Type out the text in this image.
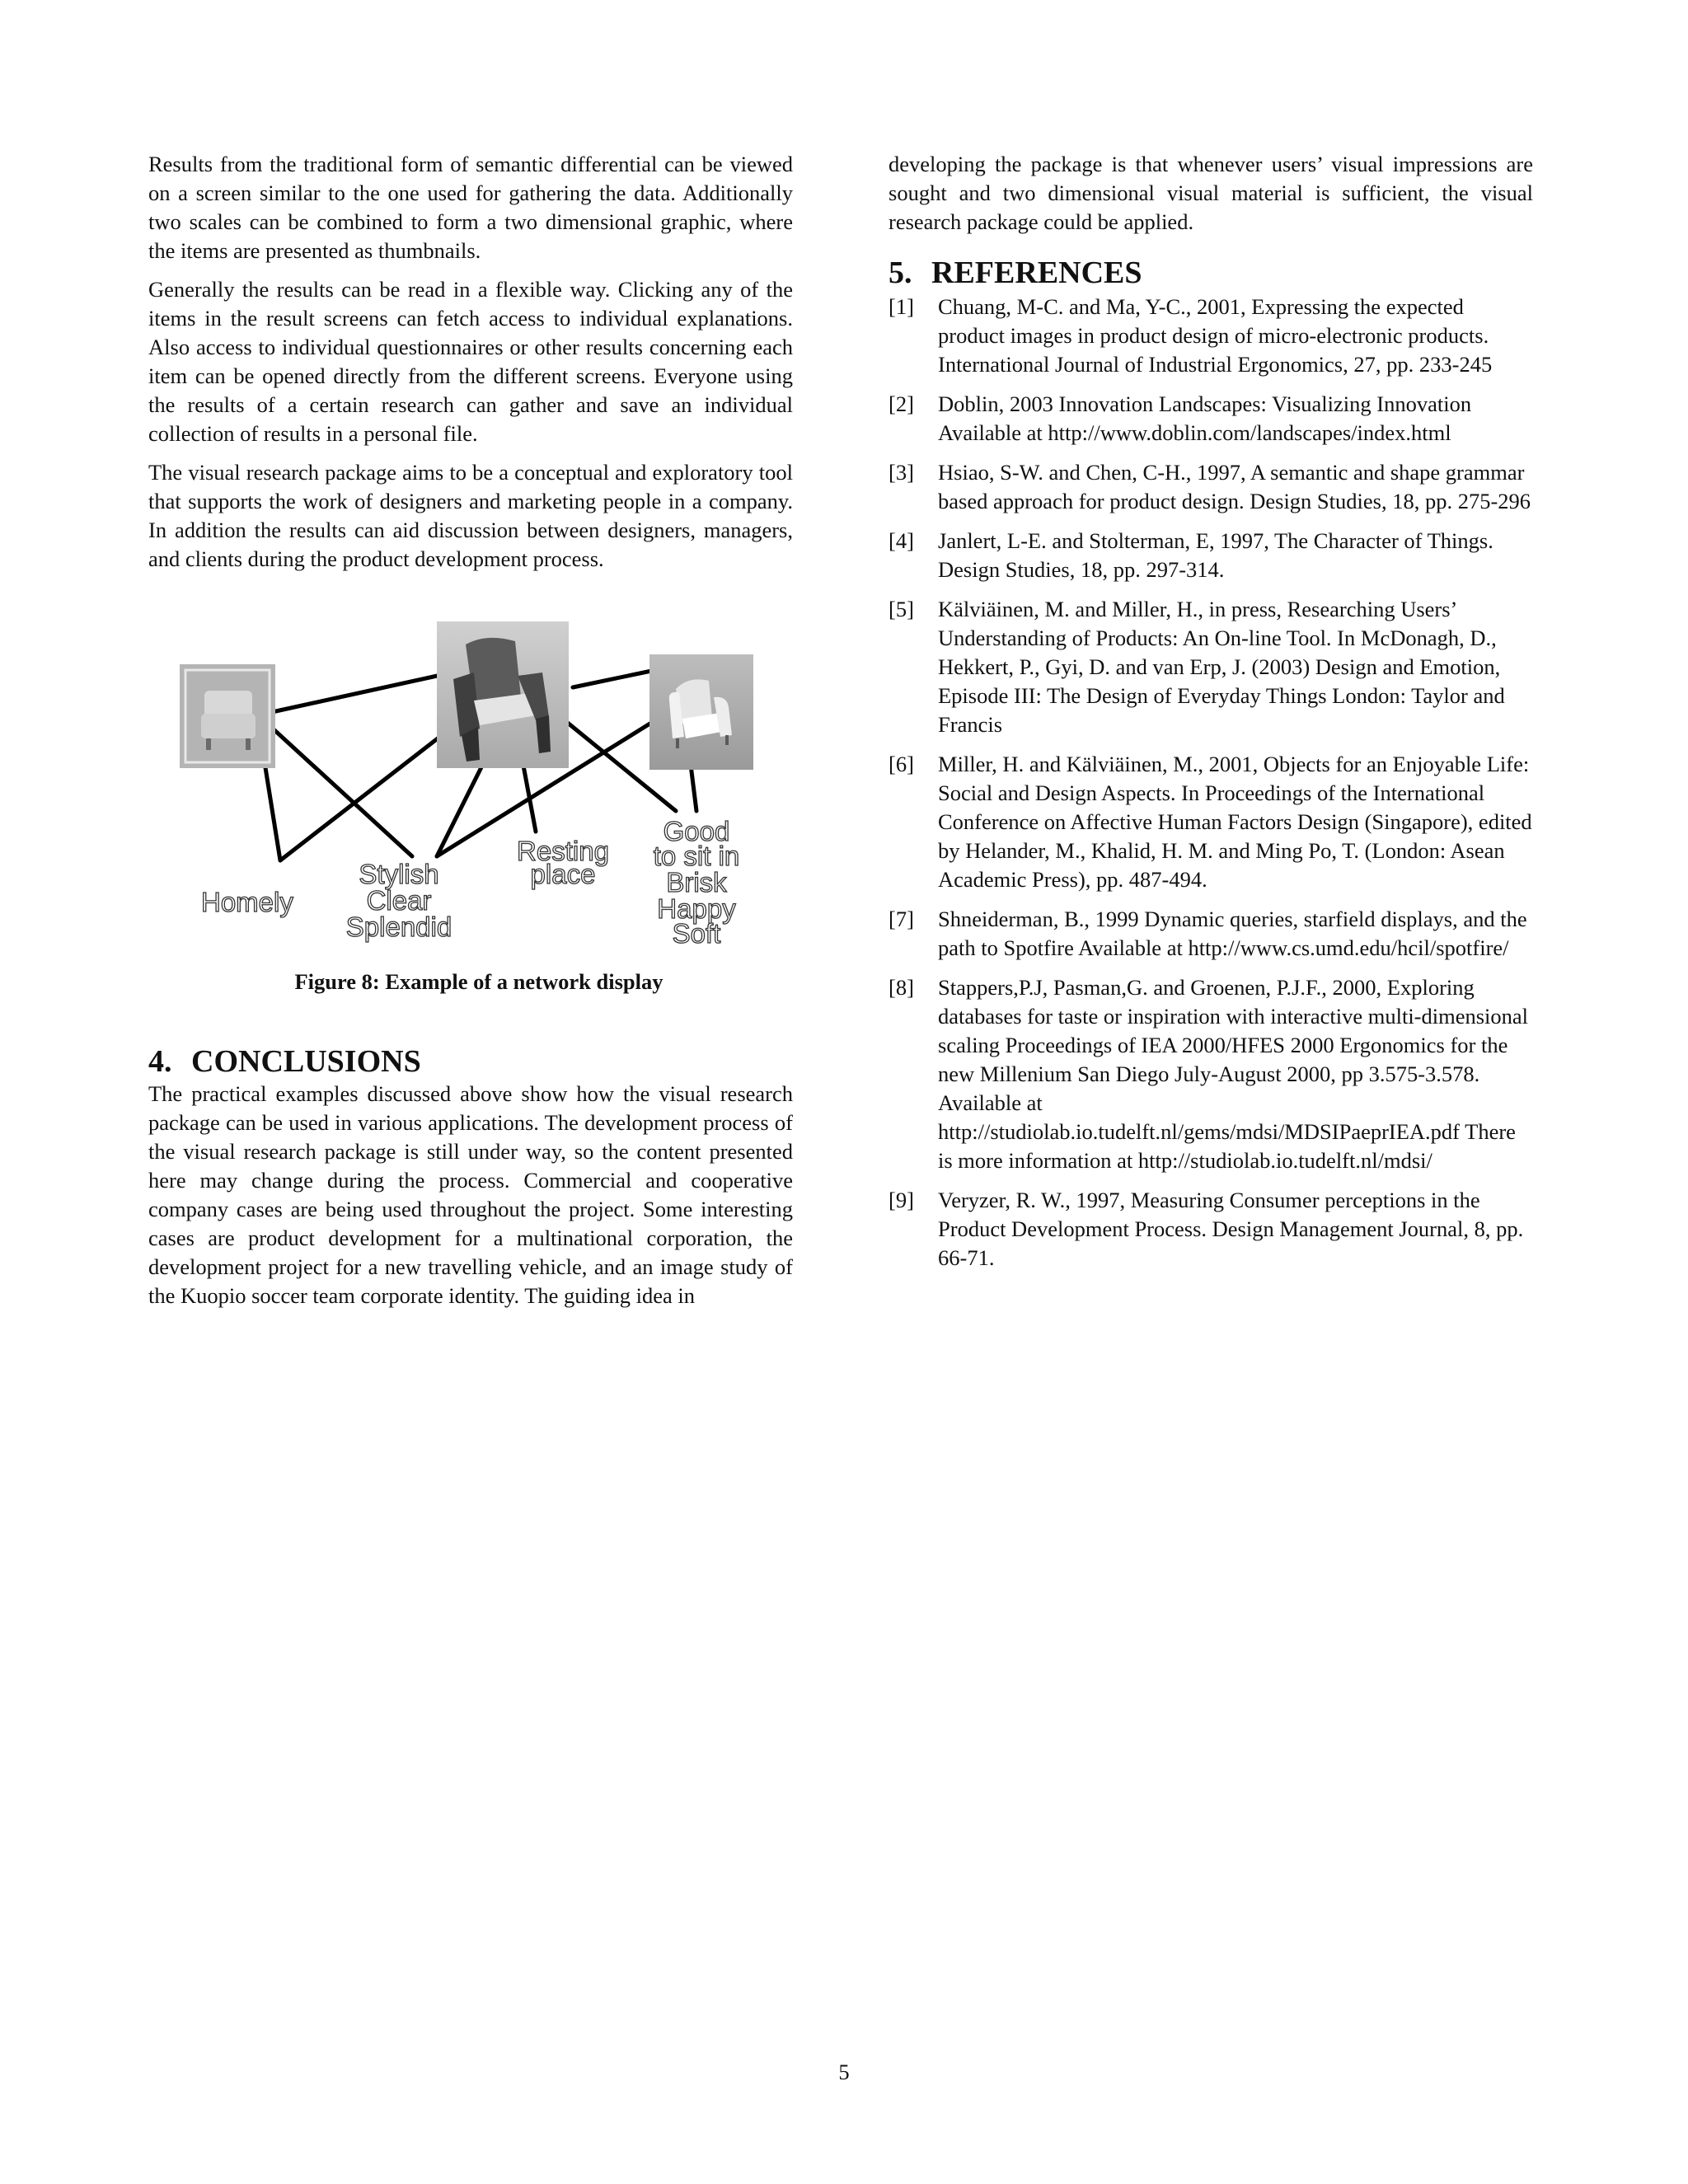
Results from the traditional form of semantic differential can be viewed on a screen similar to the one used for gathering the data. Additionally two scales can be combined to form a two dimensional graphic, where the items are presented as thumbnails.

Generally the results can be read in a flexible way. Clicking any of the items in the result screens can fetch access to individual explanations. Also access to individual questionnaires or other results concerning each item can be opened directly from the different screens. Everyone using the results of a certain research can gather and save an individual collection of results in a personal file.

The visual research package aims to be a conceptual and exploratory tool that supports the work of designers and marketing people in a company. In addition the results can aid discussion between designers, managers, and clients during the product development process.

Homely
Stylish
Clear
Splendid
Resting
place
Good
to sit in
Brisk
Happy
Soft

Figure 8: Example of a network display

4. CONCLUSIONS

The practical examples discussed above show how the visual research package can be used in various applications. The development process of the visual research package is still under way, so the content presented here may change during the process. Commercial and cooperative company cases are being used throughout the project. Some interesting cases are product development for a multinational corporation, the development project for a new travelling vehicle, and an image study of the Kuopio soccer team corporate identity. The guiding idea in

developing the package is that whenever users’ visual impressions are sought and two dimensional visual material is sufficient, the visual research package could be applied.

5. REFERENCES
[1]	Chuang, M-C. and Ma, Y-C., 2001, Expressing the expected product images in product design of micro-electronic products. International Journal of Industrial Ergonomics, 27, pp. 233-245
[2]	Doblin, 2003 Innovation Landscapes: Visualizing Innovation Available at http://www.doblin.com/landscapes/index.html
[3]	Hsiao, S-W. and Chen, C-H., 1997, A semantic and shape grammar based approach for product design. Design Studies, 18, pp. 275-296
[4]	Janlert, L-E. and Stolterman, E, 1997, The Character of Things. Design Studies, 18, pp. 297-314.
[5]	Kälviäinen, M. and Miller, H., in press, Researching Users’ Understanding of Products: An On-line Tool. In McDonagh, D., Hekkert, P., Gyi, D. and van Erp, J. (2003) Design and Emotion, Episode III: The Design of Everyday Things London: Taylor and Francis
[6]	Miller, H. and Kälviäinen, M., 2001, Objects for an Enjoyable Life: Social and Design Aspects. In Proceedings of the International Conference on Affective Human Factors Design (Singapore), edited by Helander, M., Khalid, H. M. and Ming Po, T. (London: Asean Academic Press), pp. 487-494.
[7]	Shneiderman, B., 1999 Dynamic queries, starfield displays, and the path to Spotfire Available at http://www.cs.umd.edu/hcil/spotfire/
[8]	Stappers,P.J, Pasman,G. and Groenen, P.J.F., 2000, Exploring databases for taste or inspiration with interactive multi-dimensional scaling Proceedings of IEA 2000/HFES 2000 Ergonomics for the new Millenium San Diego July-August 2000, pp 3.575-3.578. Available at http://studiolab.io.tudelft.nl/gems/mdsi/MDSIPaeprIEA.pdf There is more information at http://studiolab.io.tudelft.nl/mdsi/
[9]	Veryzer, R. W., 1997, Measuring Consumer perceptions in the Product Development Process. Design Management Journal, 8, pp. 66-71.
5
